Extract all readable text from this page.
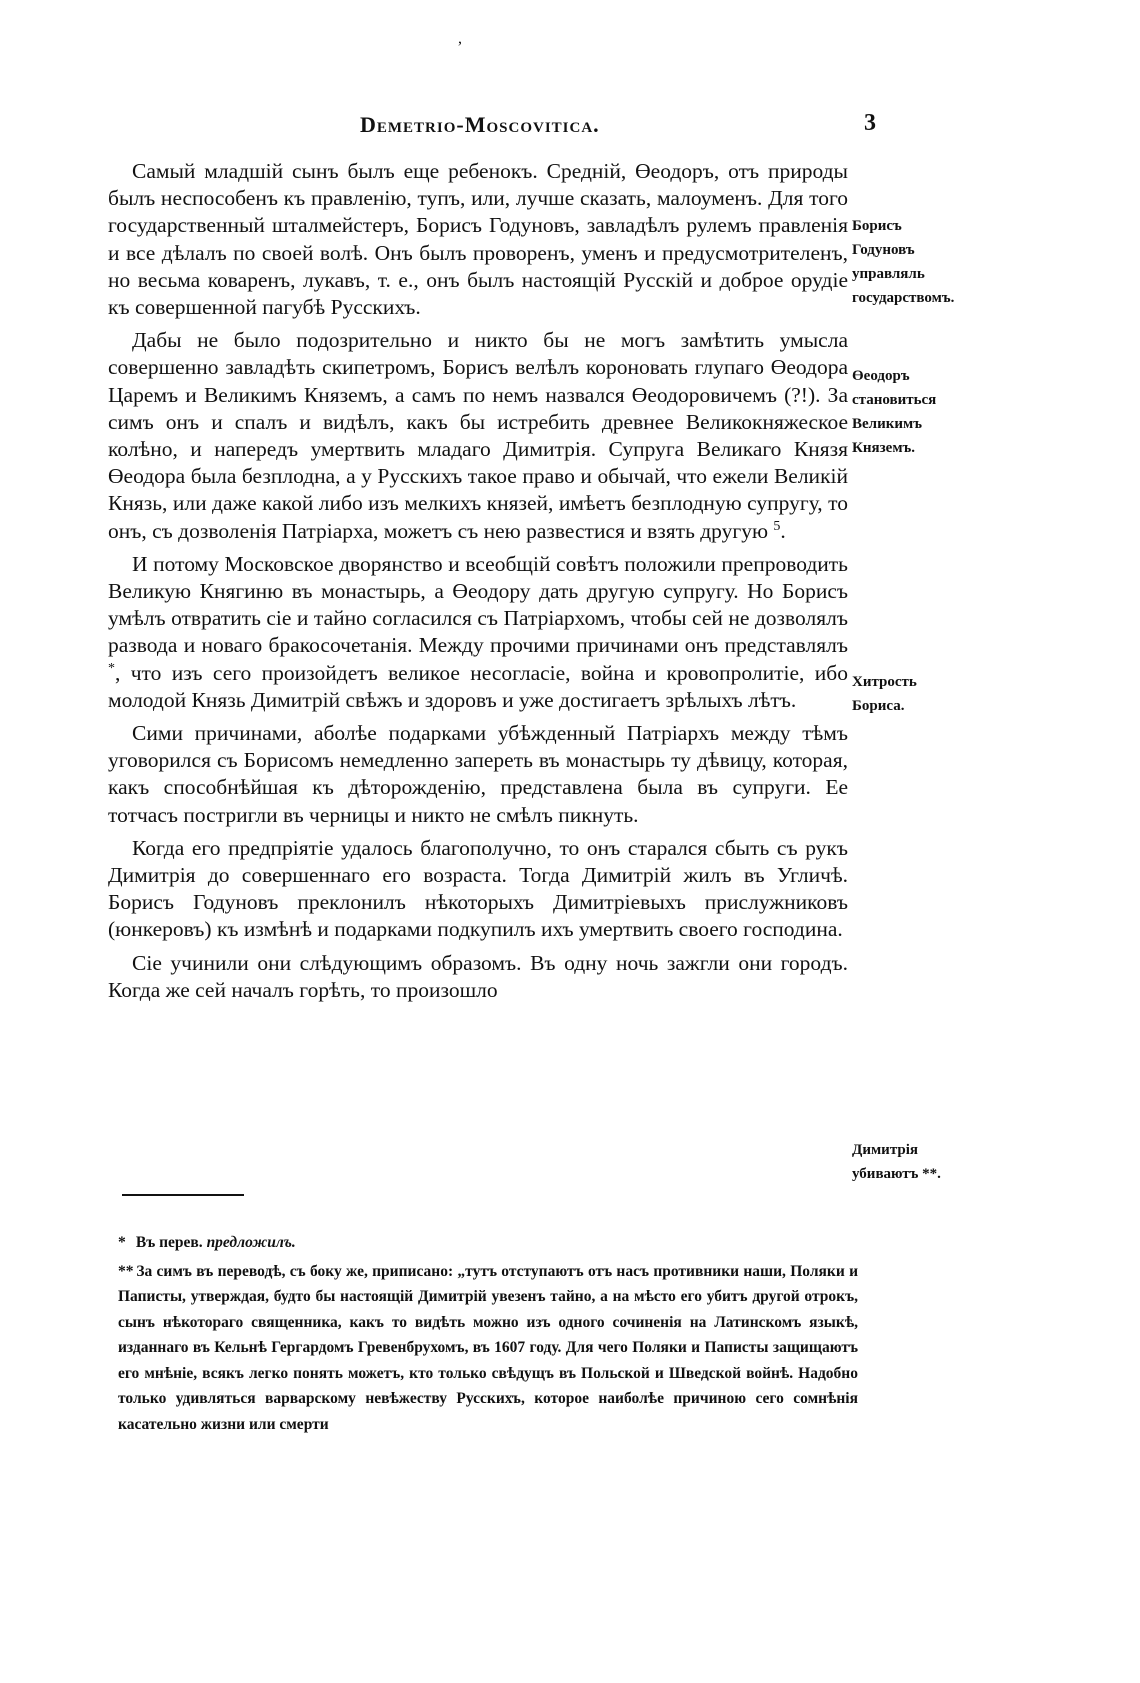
,
Demetrio-Moscovitica.	3

Самый младшій сынъ былъ еще ребенокъ. Средній, Өеодоръ, отъ природы былъ неспособенъ къ правленію, тупъ, или, лучше сказать, малоуменъ. Для того государственный шталмейстеръ, Борисъ Годуновъ, завладѣлъ рулемъ правленія и все дѣлалъ по своей волѣ. Онъ былъ проворенъ, уменъ и предусмотрителенъ, но весьма коваренъ, лукавъ, т. е., онъ былъ настоящій Русскій и доброе орудіе къ совершенной пагубѣ Русскихъ.

Дабы не было подозрительно и никто бы не могъ замѣтить умысла совершенно завладѣть скипетромъ, Борисъ велѣлъ короновать глупаго Өеодора Царемъ и Великимъ Княземъ, а самъ по немъ назвался Өеодоровичемъ (?!). За симъ онъ и спалъ и видѣлъ, какъ бы истребить древнее Великокняжеское колѣно, и напередъ умертвить младаго Димитрія. Супруга Великаго Князя Өеодора была безплодна, а у Русскихъ такое право и обычай, что ежели Великій Князь, или даже какой либо изъ мелкихъ князей, имѣетъ безплодную супругу, то онъ, съ дозволенія Патріарха, можетъ съ нею развестися и взять другую $^5$.

И потому Московское дворянство и всеобщій совѣтъ положили препроводить Великую Княгиню въ монастырь, а Өеодору дать другую супругу. Но Борисъ умѣлъ отвратить сіе и тайно согласился съ Патріархомъ, чтобы сей не дозволялъ развода и новаго бракосочетанія. Между прочими причинами онъ представлялъ *, что изъ сего произойдетъ великое несогласіе, война и кровопролитіе, ибо молодой Князь Димитрій свѣжъ и здоровъ и уже достигаетъ зрѣлыхъ лѣтъ.

Сими причинами, аболѣе подарками убѣжденный Патріархъ между тѣмъ уговорился съ Борисомъ немедленно запереть въ монастырь ту дѣвицу, которая, какъ способнѣйшая къ дѣторожденію, представлена была въ супруги. Ее тотчасъ постригли въ черницы и никто не смѣлъ пикнуть.

Когда его предпріятіе удалось благополучно, то онъ старался сбыть съ рукъ Димитрія до совершеннаго его возраста. Тогда Димитрій жилъ въ Угличѣ. Борисъ Годуновъ преклонилъ нѣкоторыхъ Димитріевыхъ прислужниковъ (юнкеровъ) къ измѣнѣ и подарками подкупилъ ихъ умертвить своего господина.

Сіе учинили они слѣдующимъ образомъ. Въ одну ночь зажгли они городъ. Когда же сей началъ горѣть, то произошло

Борисъ Годуновъ управляль государствомъ.
Өеодоръ становиться Великимъ Княземъ.
Хитрость Бориса.
Димитрія убиваютъ **.

* Въ перев. предложилъ.

** За симъ въ переводѣ, съ боку же, приписано: „тутъ отступаютъ отъ насъ противники наши, Поляки и Паписты, утверждая, будто бы настоящій Димитрій увезенъ тайно, а на мѣсто его убитъ другой отрокъ, сынъ нѣкотораго священника, какъ то видѣть можно изъ одного сочиненія на Латинскомъ языкѣ, изданнаго въ Кельнѣ Гергардомъ Гревенбрухомъ, въ 1607 году. Для чего Поляки и Паписты защищаютъ его мнѣніе, всякъ легко понять можетъ, кто только свѣдущъ въ Польской и Шведской войнѣ. Надобно только удивляться варварскому невѣжеству Русскихъ, которое наиболѣе причиною сего сомнѣнія касательно жизни или смерти
